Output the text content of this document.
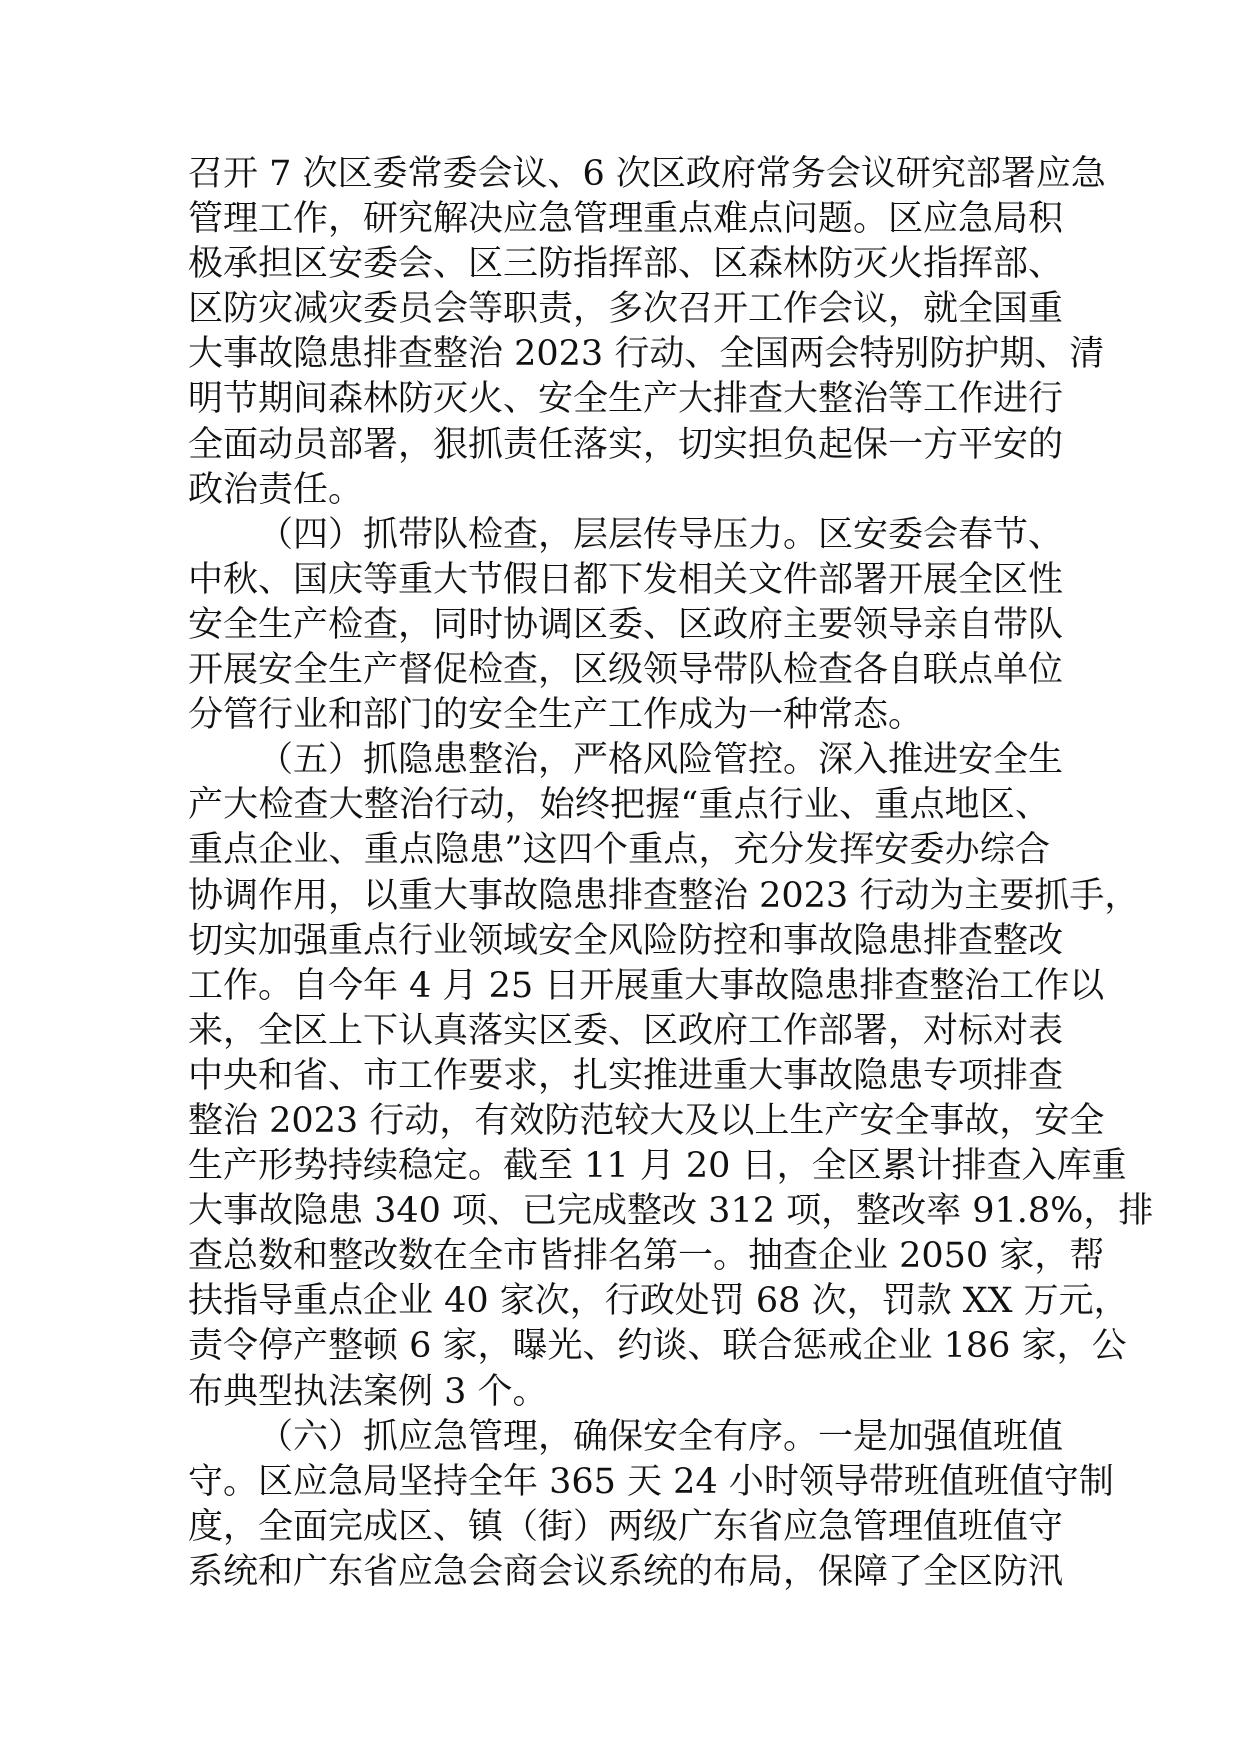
召开 7 次区委常委会议、6 次区政府常务会议研究部署应急
管理工作，研究解决应急管理重点难点问题。区应急局积
极承担区安委会、区三防指挥部、区森林防灭火指挥部、
区防灾减灾委员会等职责，多次召开工作会议，就全国重
大事故隐患排查整治 2023 行动、全国两会特别防护期、清
明节期间森林防灭火、安全生产大排查大整治等工作进行
全面动员部署，狠抓责任落实，切实担负起保一方平安的
政治责任。
（四）抓带队检查，层层传导压力。区安委会春节、
中秋、国庆等重大节假日都下发相关文件部署开展全区性
安全生产检查，同时协调区委、区政府主要领导亲自带队
开展安全生产督促检查，区级领导带队检查各自联点单位
分管行业和部门的安全生产工作成为一种常态。
（五）抓隐患整治，严格风险管控。深入推进安全生
产大检查大整治行动，始终把握“重点行业、重点地区、
重点企业、重点隐患”这四个重点，充分发挥安委办综合
协调作用，以重大事故隐患排查整治 2023 行动为主要抓手，
切实加强重点行业领域安全风险防控和事故隐患排查整改
工作。自今年 4 月 25 日开展重大事故隐患排查整治工作以
来，全区上下认真落实区委、区政府工作部署，对标对表
中央和省、市工作要求，扎实推进重大事故隐患专项排查
整治 2023 行动，有效防范较大及以上生产安全事故，安全
生产形势持续稳定。截至 11 月 20 日，全区累计排查入库重
大事故隐患 340 项、已完成整改 312 项，整改率 91.8%，排
查总数和整改数在全市皆排名第一。抽查企业 2050 家，帮
扶指导重点企业 40 家次，行政处罚 68 次，罚款 XX 万元，
责令停产整顿 6 家，曝光、约谈、联合惩戒企业 186 家，公
布典型执法案例 3 个。
（六）抓应急管理，确保安全有序。一是加强值班值
守。区应急局坚持全年 365 天 24 小时领导带班值班值守制
度，全面完成区、镇（街）两级广东省应急管理值班值守
系统和广东省应急会商会议系统的布局，保障了全区防汛
